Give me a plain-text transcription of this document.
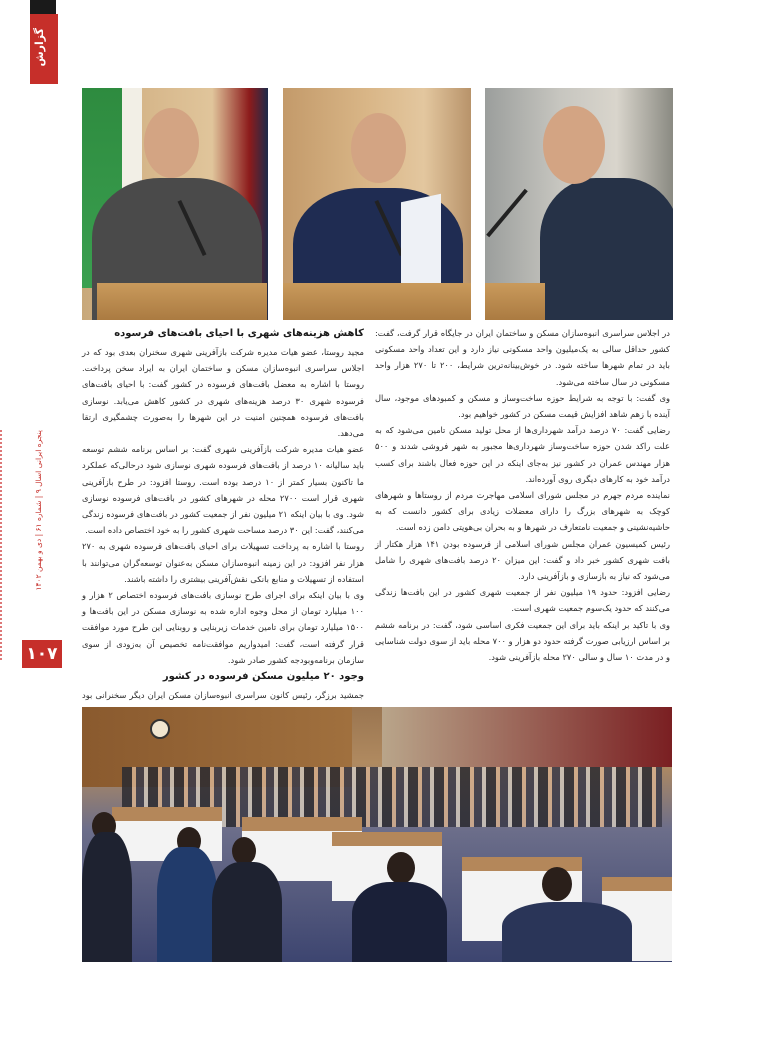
گزارش
پنجره ایرانی اسال ۹ | شماره ۶۱ | دی و بهمن ۱۴۰۲
۱۰۷

در اجلاس سراسری انبوه‌سازان مسکن و ساختمان ایران در جایگاه قرار گرفت، گفت: کشور حداقل سالی به یک‌میلیون واحد مسکونی نیاز دارد و این تعداد واحد مسکونی باید در تمام شهرها ساخته شود. در خوش‌بینانه‌ترین شرایط، ۲۰۰ تا ۲۷۰ هزار واحد مسکونی در سال ساخته می‌شود.

وی گفت: با توجه به شرایط حوزه ساخت‌وساز و مسکن و کمبودهای موجود، سال آینده با زهم شاهد افزایش قیمت مسکن در کشور خواهیم بود.

رضایی گفت: ۷۰ درصد درآمد شهرداری‌ها از محل تولید مسکن تامین می‌شود که به علت راکد شدن حوزه ساخت‌وساز شهرداری‌ها مجبور به شهر فروشی شدند و ۵۰۰ هزار مهندس عمران در کشور نیز به‌جای اینکه در این حوزه فعال باشند برای کسب درآمد خود به کارهای دیگری روی آورده‌اند.

نماینده مردم جهرم در مجلس شورای اسلامی مهاجرت مردم از روستاها و شهرهای کوچک به شهرهای بزرگ را دارای معضلات زیادی برای کشور دانست که به حاشیه‌نشینی و جمعیت نامتعارف در شهرها و به بحران بی‌هویتی دامن زده است.

رئیس کمیسیون عمران مجلس شورای اسلامی از فرسوده بودن ۱۴۱ هزار هکتار از بافت شهری کشور خبر داد و گفت: این میزان ۲۰ درصد بافت‌های شهری را شامل می‌شود که نیاز به بازسازی و بازآفرینی دارد.

رضایی افزود: حدود ۱۹ میلیون نفر از جمعیت شهری کشور در این بافت‌ها زندگی می‌کنند که حدود یک‌سوم جمعیت شهری است.

وی با تاکید بر اینکه باید برای این جمعیت فکری اساسی شود، گفت: در برنامه ششم بر اساس ارزیابی صورت گرفته حدود دو هزار و ۷۰۰ محله باید از سوی دولت شناسایی و در مدت ۱۰ سال و سالی ۲۷۰ محله بازآفرینی شود.

کاهش هزینه‌های شهری با احیای بافت‌های فرسوده

مجید روستا، عضو هیات مدیره شرکت بازآفرینی شهری سخنران بعدی بود که در اجلاس سراسری انبوه‌سازان مسکن و ساختمان ایران به ایراد سخن پرداخت. روستا با اشاره به معضل بافت‌های فرسوده در کشور گفت: با احیای بافت‌های فرسوده شهری ۳۰ درصد هزینه‌های شهری در کشور کاهش می‌یابد. نوسازی بافت‌های فرسوده همچنین امنیت در این شهرها را به‌صورت چشمگیری ارتقا می‌دهد.

عضو هیات مدیره شرکت بازآفرینی شهری گفت: بر اساس برنامه ششم توسعه باید سالیانه ۱۰ درصد از بافت‌های فرسوده شهری نوسازی شود درحالی‌که عملکرد ما تاکنون بسیار کمتر از ۱۰ درصد بوده است. روستا افزود: در طرح بازآفرینی شهری قرار است ۲۷۰۰ محله در شهرهای کشور در بافت‌های فرسوده نوسازی شود. وی با بیان اینکه ۲۱ میلیون نفر از جمعیت کشور در بافت‌های فرسوده زندگی می‌کنند، گفت: این ۳۰ درصد مساحت شهری کشور را به خود اختصاص داده است.

روستا با اشاره به پرداخت تسهیلات برای احیای بافت‌های فرسوده شهری به ۲۷۰ هزار نفر افزود: در این زمینه انبوه‌سازان مسکن به‌عنوان توسعه‌گران می‌توانند با استفاده از تسهیلات و منابع بانکی نقش‌آفرینی بیشتری را داشته باشند.

وی با بیان اینکه برای اجرای طرح نوسازی بافت‌های فرسوده اختصاص ۲ هزار و ۱۰۰ میلیارد تومان از محل وجوه اداره شده به نوسازی مسکن در این بافت‌ها و ۱۵۰۰ میلیارد تومان برای تامین خدمات زیربنایی و روبنایی این طرح مورد موافقت قرار گرفته است، گفت: امیدواریم موافقت‌نامه تخصیص آن به‌زودی از سوی سازمان برنامه‌وبودجه کشور صادر شود.

وجود ۲۰ میلیون مسکن فرسوده در کشور

جمشید برزگر، رئیس کانون سراسری انبوه‌سازان مسکن ایران دیگر سخنرانی بود
